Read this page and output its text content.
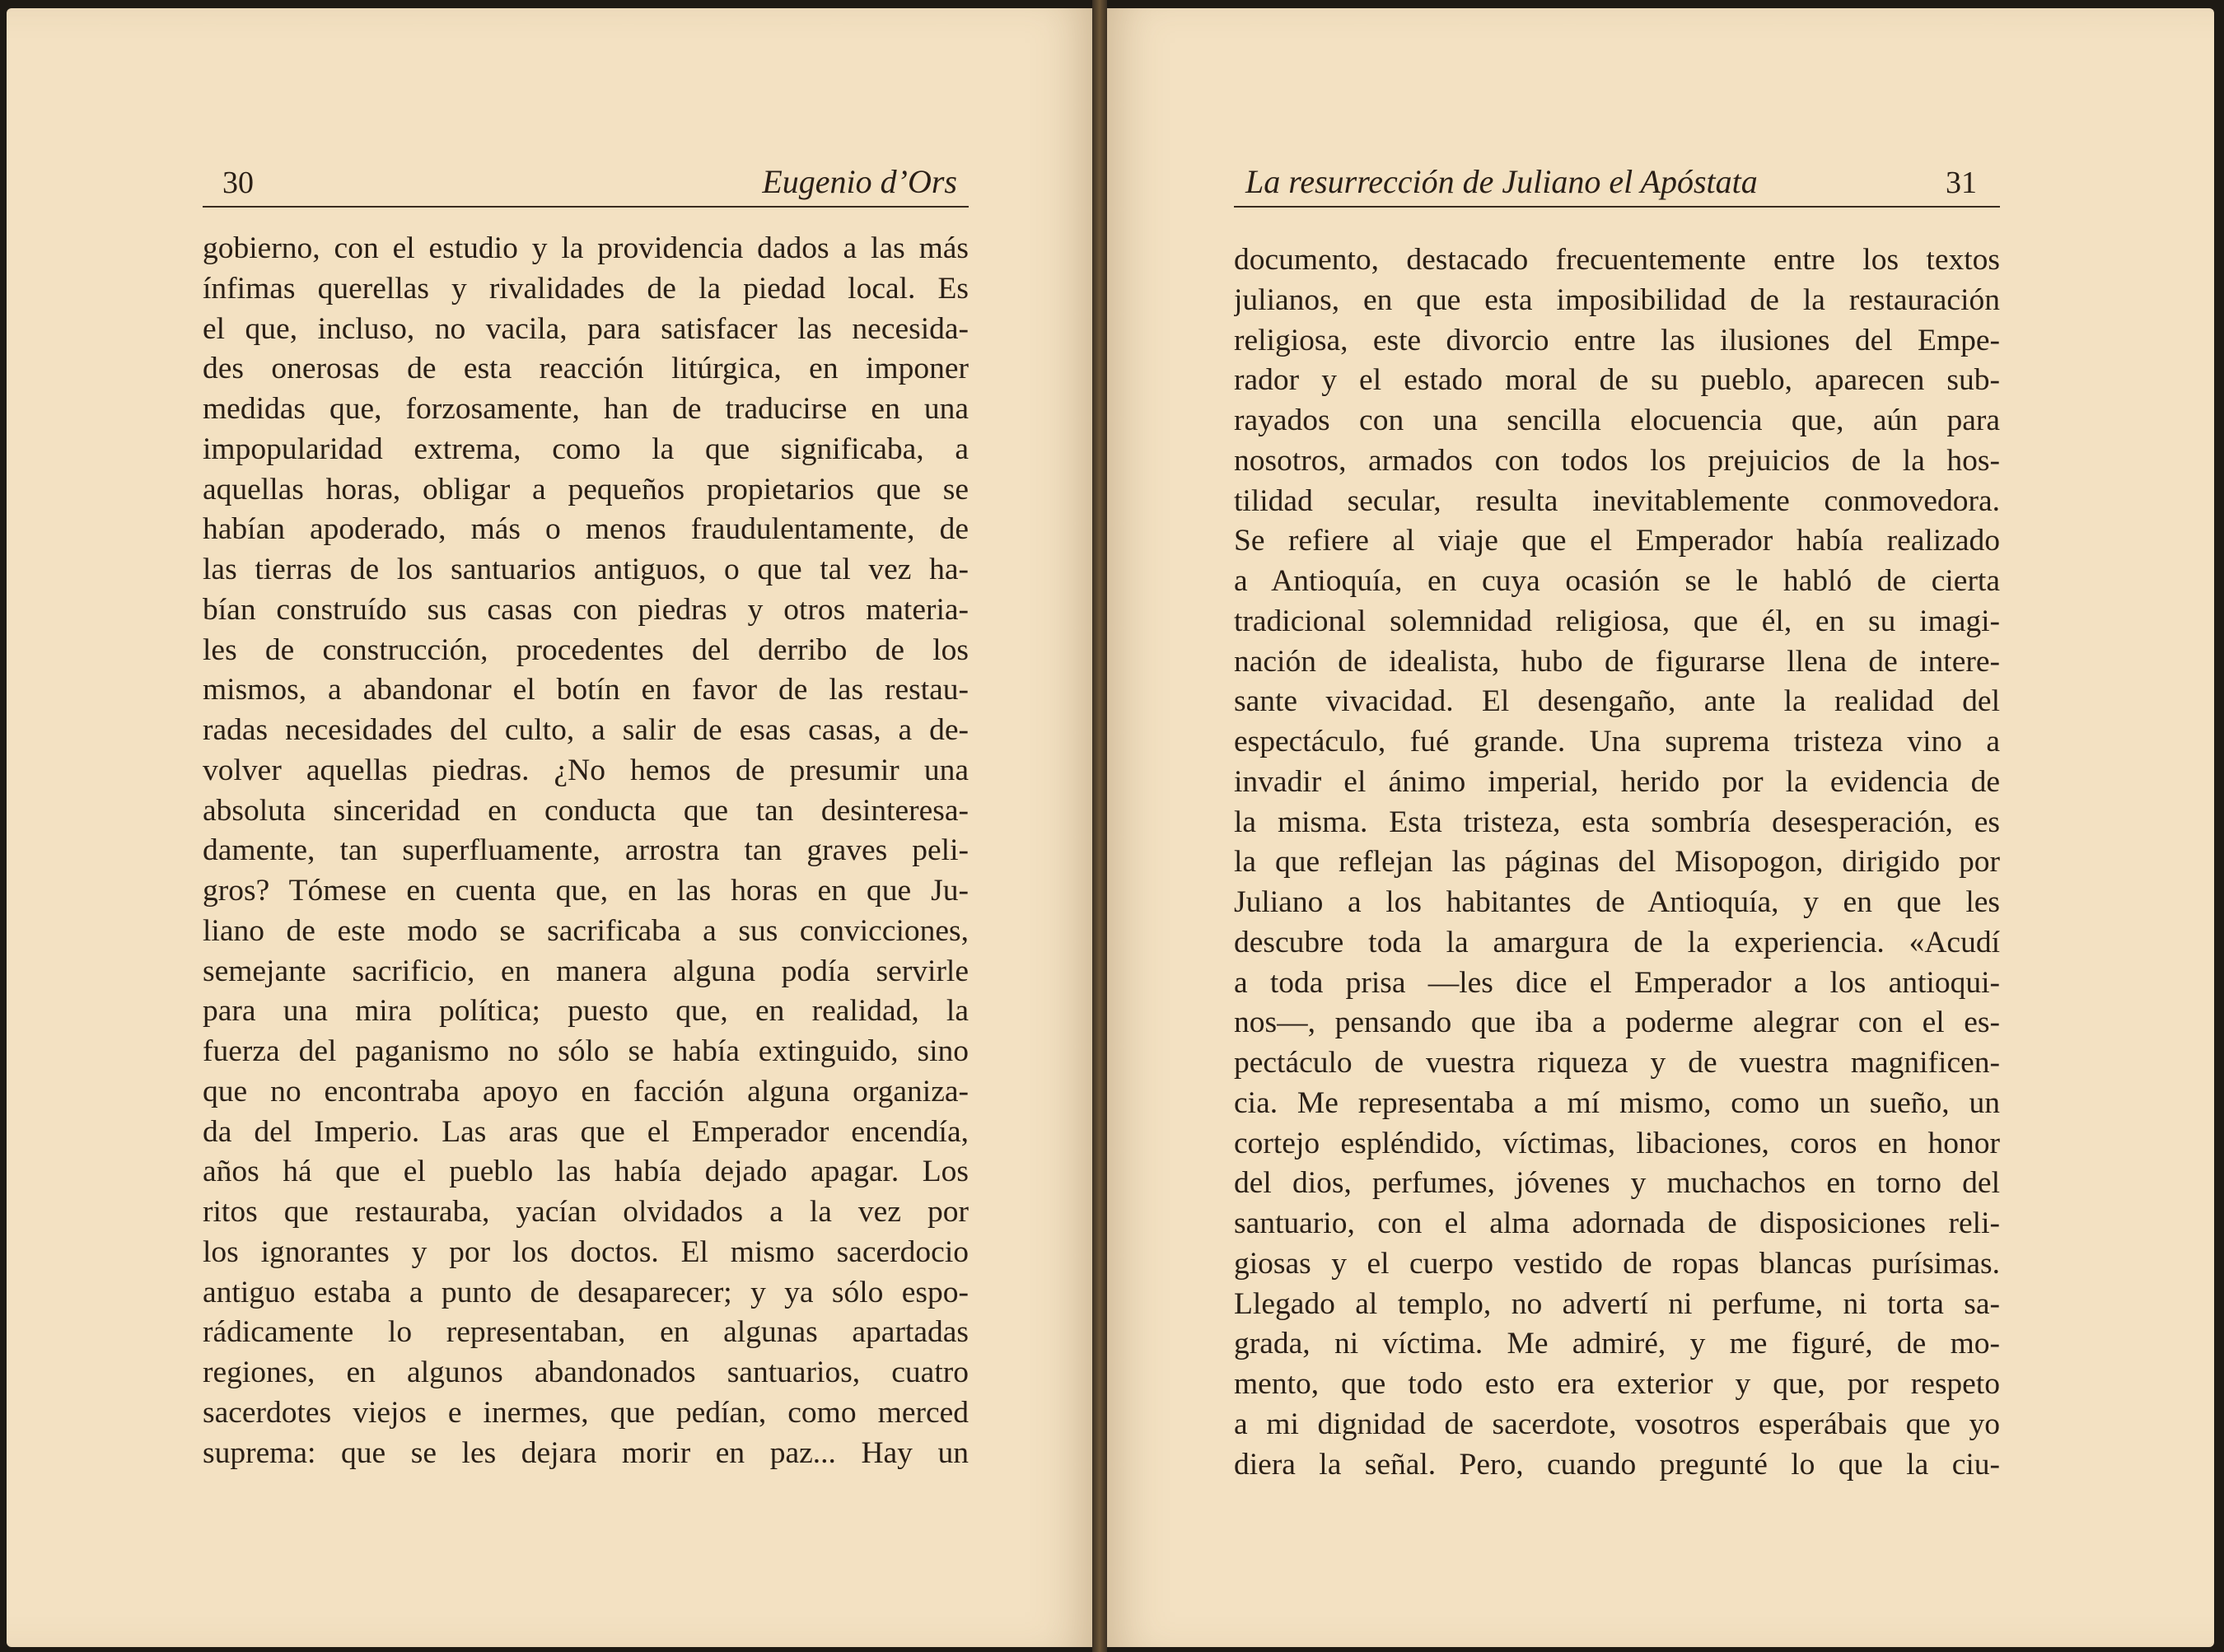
30	Eugenio d’Ors
gobierno, con el estudio y la providencia dados a las más
ínfimas querellas y rivalidades de la piedad local. Es
el que, incluso, no vacila, para satisfacer las necesida-
des onerosas de esta reacción litúrgica, en imponer
medidas que, forzosamente, han de traducirse en una
impopularidad extrema, como la que significaba, a
aquellas horas, obligar a pequeños propietarios que se
habían apoderado, más o menos fraudulentamente, de
las tierras de los santuarios antiguos, o que tal vez ha-
bían construído sus casas con piedras y otros materia-
les de construcción, procedentes del derribo de los
mismos, a abandonar el botín en favor de las restau-
radas necesidades del culto, a salir de esas casas, a de-
volver aquellas piedras. ¿No hemos de presumir una
absoluta sinceridad en conducta que tan desinteresa-
damente, tan superfluamente, arrostra tan graves peli-
gros? Tómese en cuenta que, en las horas en que Ju-
liano de este modo se sacrificaba a sus convicciones,
semejante sacrificio, en manera alguna podía servirle
para una mira política; puesto que, en realidad, la
fuerza del paganismo no sólo se había extinguido, sino
que no encontraba apoyo en facción alguna organiza-
da del Imperio. Las aras que el Emperador encendía,
años há que el pueblo las había dejado apagar. Los
ritos que restauraba, yacían olvidados a la vez por
los ignorantes y por los doctos. El mismo sacerdocio
antiguo estaba a punto de desaparecer; y ya sólo espo-
rádicamente lo representaban, en algunas apartadas
regiones, en algunos abandonados santuarios, cuatro
sacerdotes viejos e inermes, que pedían, como merced
suprema: que se les dejara morir en paz... Hay un
La resurrección de Juliano el Apóstata	31
documento, destacado frecuentemente entre los textos
julianos, en que esta imposibilidad de la restauración
religiosa, este divorcio entre las ilusiones del Empe-
rador y el estado moral de su pueblo, aparecen sub-
rayados con una sencilla elocuencia que, aún para
nosotros, armados con todos los prejuicios de la hos-
tilidad secular, resulta inevitablemente conmovedora.
Se refiere al viaje que el Emperador había realizado
a Antioquía, en cuya ocasión se le habló de cierta
tradicional solemnidad religiosa, que él, en su imagi-
nación de idealista, hubo de figurarse llena de intere-
sante vivacidad. El desengaño, ante la realidad del
espectáculo, fué grande. Una suprema tristeza vino a
invadir el ánimo imperial, herido por la evidencia de
la misma. Esta tristeza, esta sombría desesperación, es
la que reflejan las páginas del Misopogon, dirigido por
Juliano a los habitantes de Antioquía, y en que les
descubre toda la amargura de la experiencia. «Acudí
a toda prisa —les dice el Emperador a los antioqui-
nos—, pensando que iba a poderme alegrar con el es-
pectáculo de vuestra riqueza y de vuestra magnificen-
cia. Me representaba a mí mismo, como un sueño, un
cortejo espléndido, víctimas, libaciones, coros en honor
del dios, perfumes, jóvenes y muchachos en torno del
santuario, con el alma adornada de disposiciones reli-
giosas y el cuerpo vestido de ropas blancas purísimas.
Llegado al templo, no advertí ni perfume, ni torta sa-
grada, ni víctima. Me admiré, y me figuré, de mo-
mento, que todo esto era exterior y que, por respeto
a mi dignidad de sacerdote, vosotros esperábais que yo
diera la señal. Pero, cuando pregunté lo que la ciu-
